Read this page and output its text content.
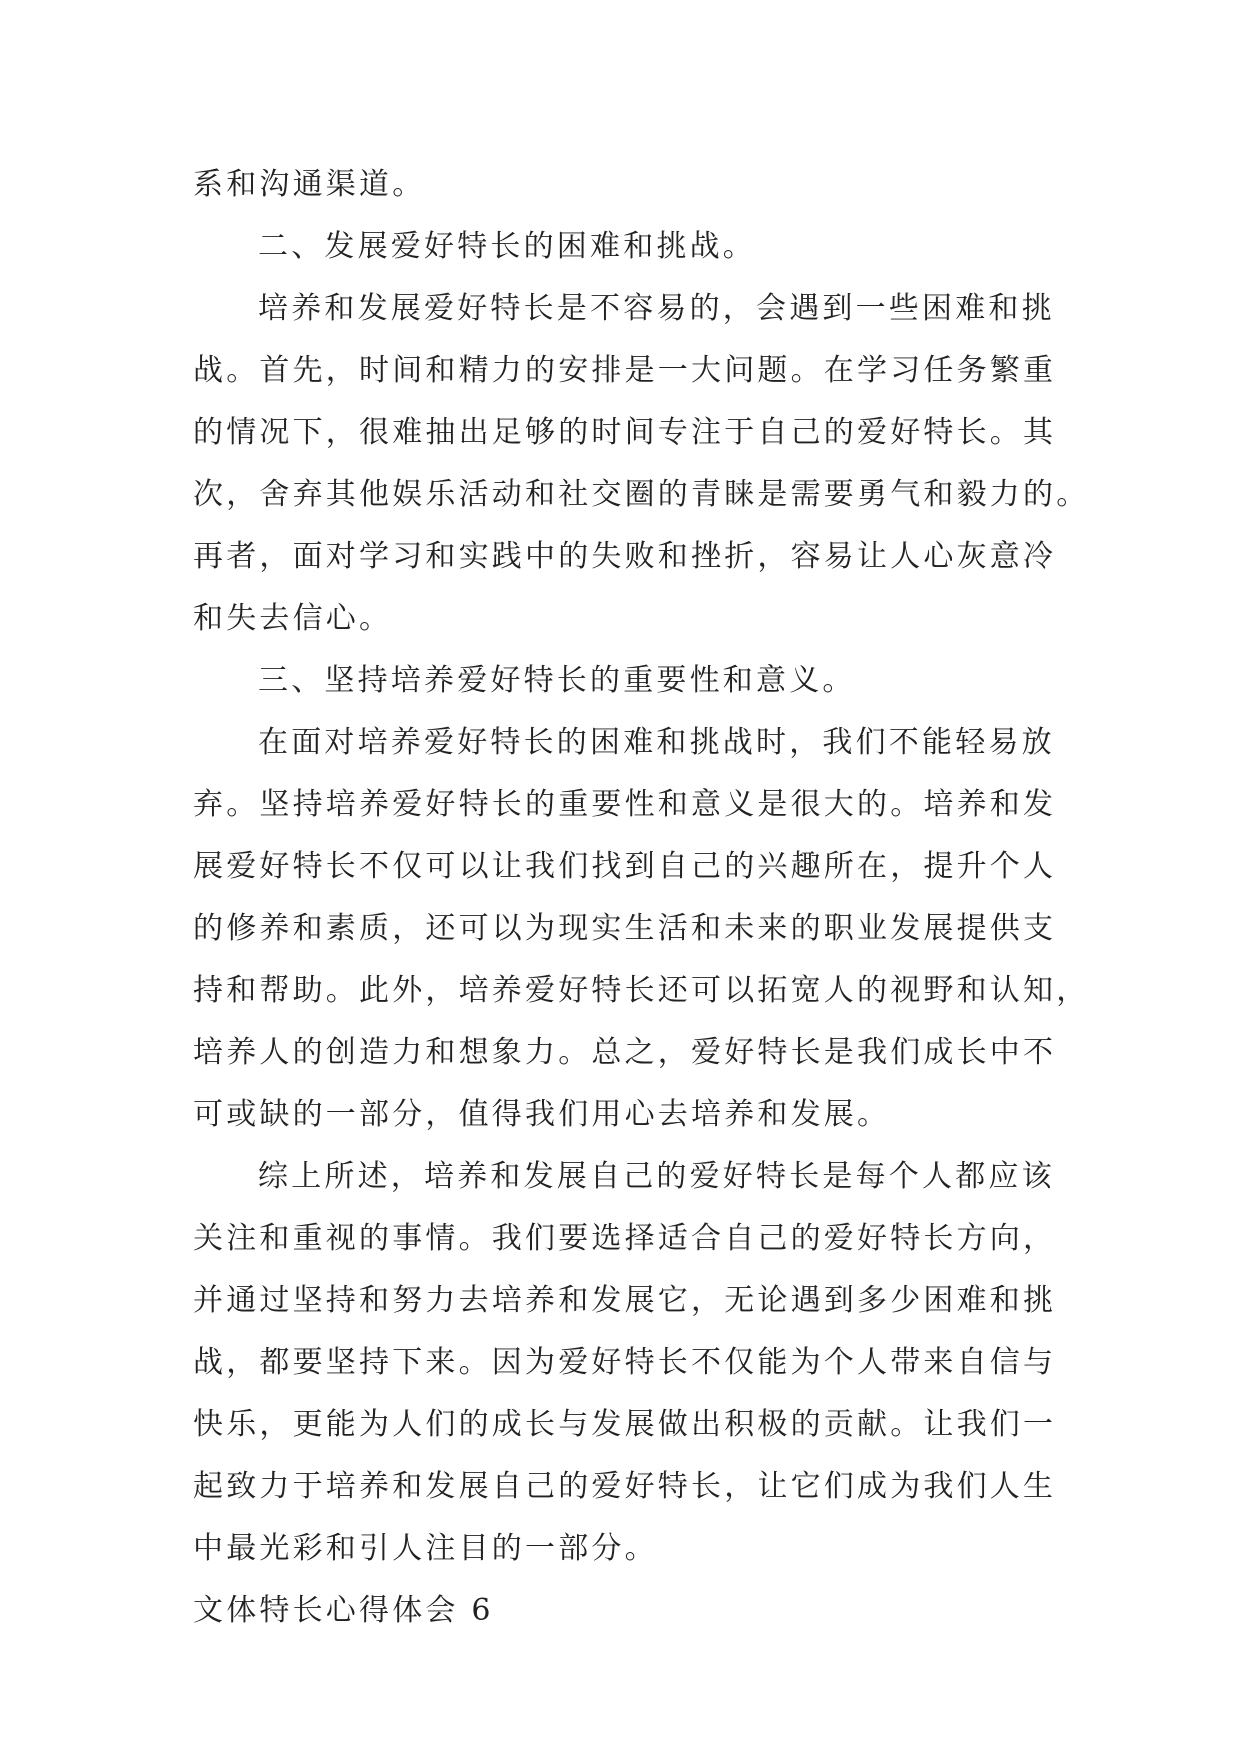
系和沟通渠道。
二、发展爱好特长的困难和挑战。
培养和发展爱好特长是不容易的，会遇到一些困难和挑
战。首先，时间和精力的安排是一大问题。在学习任务繁重
的情况下，很难抽出足够的时间专注于自己的爱好特长。其
次，舍弃其他娱乐活动和社交圈的青睐是需要勇气和毅力的。
再者，面对学习和实践中的失败和挫折，容易让人心灰意冷
和失去信心。
三、坚持培养爱好特长的重要性和意义。
在面对培养爱好特长的困难和挑战时，我们不能轻易放
弃。坚持培养爱好特长的重要性和意义是很大的。培养和发
展爱好特长不仅可以让我们找到自己的兴趣所在，提升个人
的修养和素质，还可以为现实生活和未来的职业发展提供支
持和帮助。此外，培养爱好特长还可以拓宽人的视野和认知，
培养人的创造力和想象力。总之，爱好特长是我们成长中不
可或缺的一部分，值得我们用心去培养和发展。
综上所述，培养和发展自己的爱好特长是每个人都应该
关注和重视的事情。我们要选择适合自己的爱好特长方向，
并通过坚持和努力去培养和发展它，无论遇到多少困难和挑
战，都要坚持下来。因为爱好特长不仅能为个人带来自信与
快乐，更能为人们的成长与发展做出积极的贡献。让我们一
起致力于培养和发展自己的爱好特长，让它们成为我们人生
中最光彩和引人注目的一部分。
文体特长心得体会 6
